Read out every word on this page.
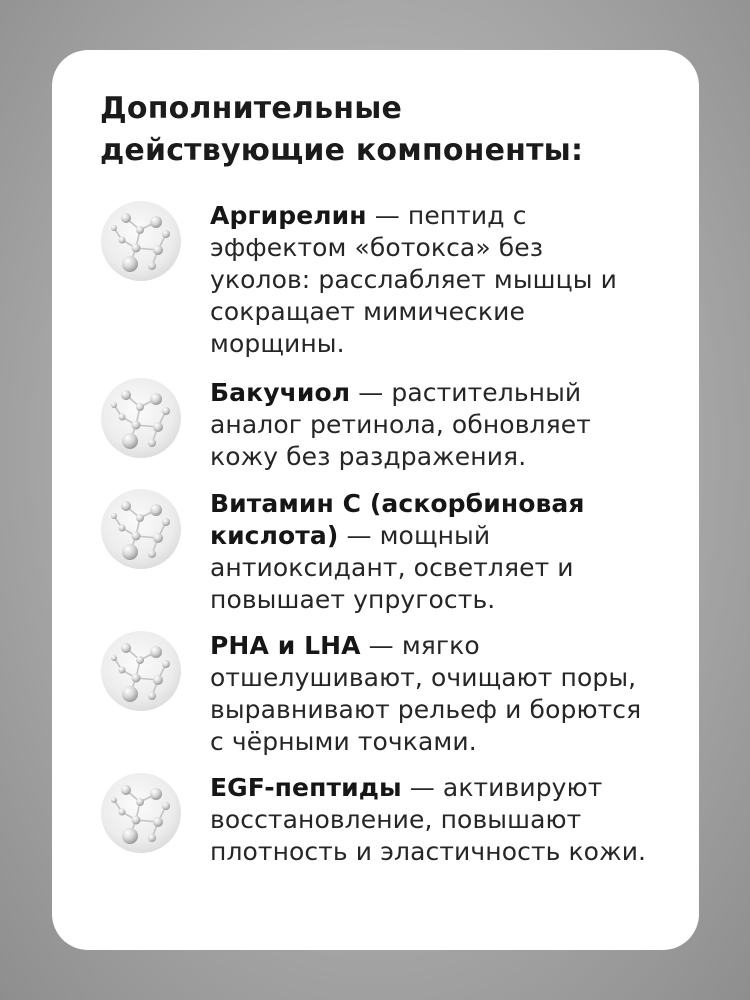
Дополнительные
действующие компоненты:
Аргирелин — пептид с эффектом «ботокса» без уколов: расслабляет мышцы и сокращает мимические морщины.
Бакучиол — растительный аналог ретинола, обновляет кожу без раздражения.
Витамин С (аскорбиновая кислота) — мощный антиоксидант, осветляет и повышает упругость.
PHA и LHA — мягко отшелушивают, очищают поры, выравнивают рельеф и борются с чёрными точками.
EGF-пептиды — активируют восстановление, повышают плотность и эластичность кожи.
